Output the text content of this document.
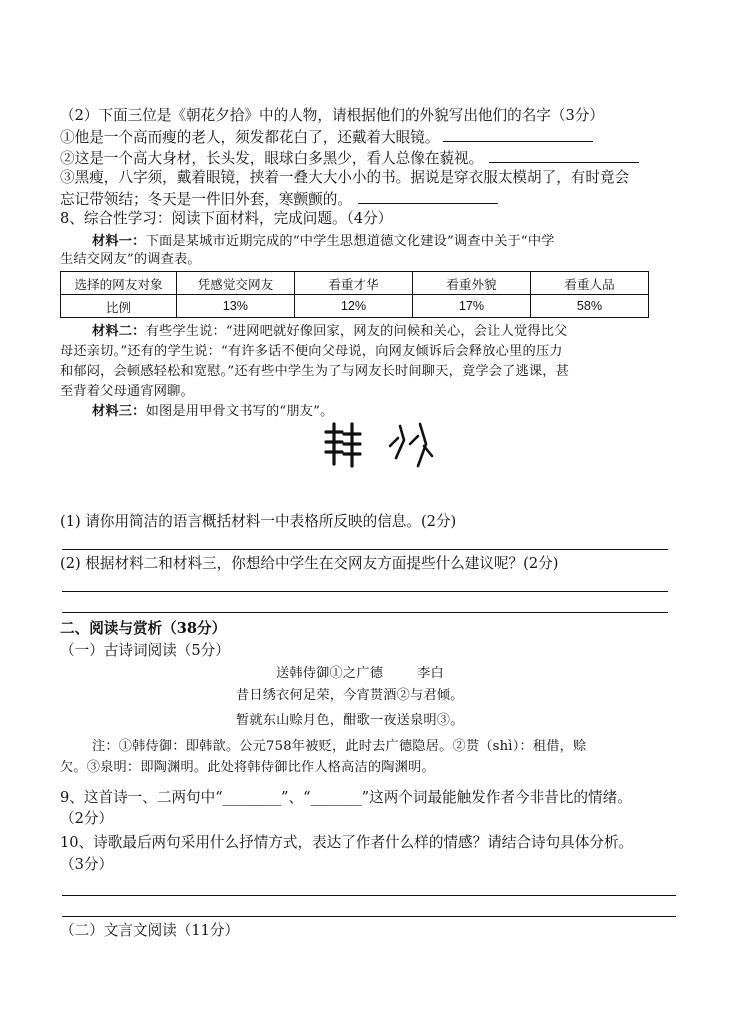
（2）下面三位是《朝花夕拾》中的人物，请根据他们的外貌写出他们的名字（3分）
①他是一个高而瘦的老人，须发都花白了，还戴着大眼镜。
②这是一个高大身材，长头发，眼球白多黑少，看人总像在藐视。
③黑瘦，八字须，戴着眼镜，挟着一叠大大小小的书。据说是穿衣服太模胡了，有时竟会
忘记带领结；冬天是一件旧外套，寒颤颤的。
8、综合性学习：阅读下面材料，完成问题。（4分）
材料一：下面是某城市近期完成的“中学生思想道德文化建设”调查中关于“中学
生结交网友”的调查表。
选择的网友对象	凭感觉交网友	看重才华	看重外貌	看重人品
比例	13%	12%	17%	58%
材料二：有些学生说：“进网吧就好像回家，网友的问候和关心，会让人觉得比父
母还亲切。”还有的学生说：“有许多话不便向父母说，向网友倾诉后会释放心里的压力
和郁闷，会顿感轻松和宽慰。”还有些中学生为了与网友长时间聊天，竟学会了逃课，甚
至背着父母通宵网聊。
材料三：如图是用甲骨文书写的“朋友”。
(1) 请你用简洁的语言概括材料一中表格所反映的信息。(2分)
(2) 根据材料二和材料三，你想给中学生在交网友方面提些什么建议呢？(2分)
二、阅读与赏析（38分）
（一）古诗词阅读（5分）
送韩侍御①之广德	李白
昔日绣衣何足荣，今宵贳酒②与君倾。
暂就东山赊月色，酣歌一夜送泉明③。
注：①韩侍御：即韩歆。公元758年被贬，此时去广德隐居。②贳（shì）：租借，赊
欠。③泉明：即陶渊明。此处将韩侍御比作人格高洁的陶渊明。
9、这首诗一、二两句中“________”、“_______”这两个词最能触发作者今非昔比的情绪。
（2分）
10、诗歌最后两句采用什么抒情方式，表达了作者什么样的情感？请结合诗句具体分析。
（3分）
（二）文言文阅读（11分）
